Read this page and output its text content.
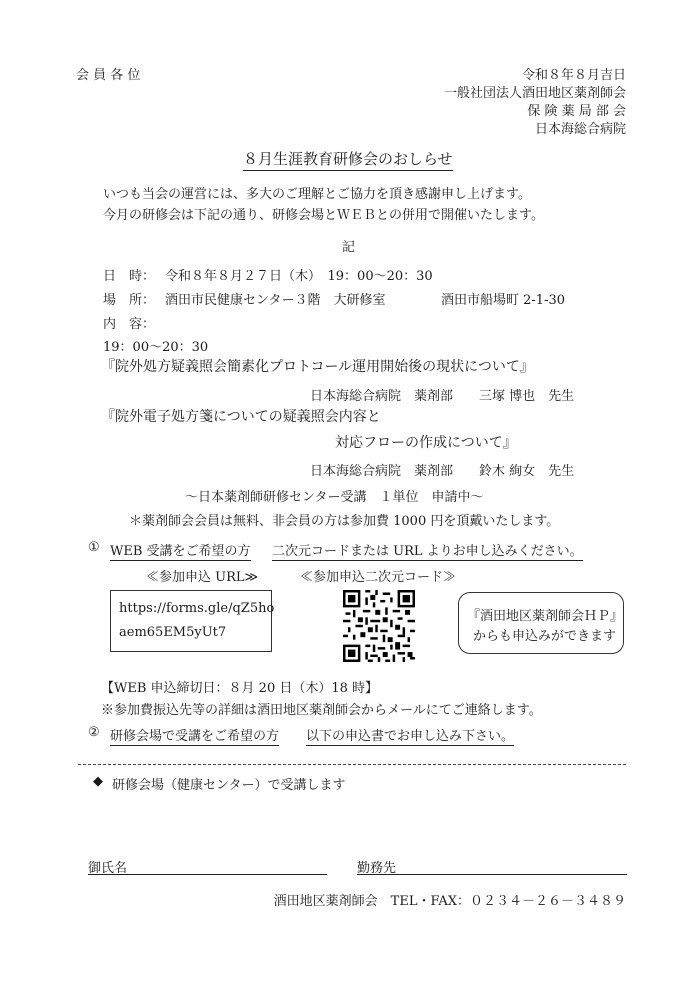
会 員 各 位	令和８年８月吉日
一般社団法人酒田地区薬剤師会
保 険 薬 局 部 会
日本海総合病院
８月生涯教育研修会のおしらせ
いつも当会の運営には、多大のご理解とご協力を頂き感謝申し上げます。
今月の研修会は下記の通り、研修会場とＷＥＢとの併用で開催いたします。
記
日　時： 令和８年８月２７日（木）　19：00〜20：30
場　所： 酒田市民健康センター３階　大研修室	酒田市船場町 2-1-30
内　容：
19：00〜20：30
『院外処方疑義照会簡素化プロトコール運用開始後の現状について』
日本海総合病院　薬剤部　　三塚 博也　先生
『院外電子処方箋についての疑義照会内容と
対応フローの作成について』
日本海総合病院　薬剤部　　鈴木 絢女　先生
〜日本薬剤師研修センター受講　１単位　申請中〜
＊薬剤師会会員は無料、非会員の方は参加費 1000 円を頂戴いたします。
① WEB 受講をご希望の方 二次元コードまたは URL よりお申し込みください。
≪参加申込 URL≫	≪参加申込二次元コード≫
https://forms.gle/qZ5ho
aem65EM5yUt7
『酒田地区薬剤師会ＨＰ』
からも申込みができます
【WEB 申込締切日：８月 20 日（木）18 時】
※参加費振込先等の詳細は酒田地区薬剤師会からメールにてご連絡します。
② 研修会場で受講をご希望の方 以下の申込書でお申し込み下さい。
◆ 研修会場（健康センター）で受講します
御氏名	勤務先
酒田地区薬剤師会　TEL・FAX：０２３４－２６－３４８９
